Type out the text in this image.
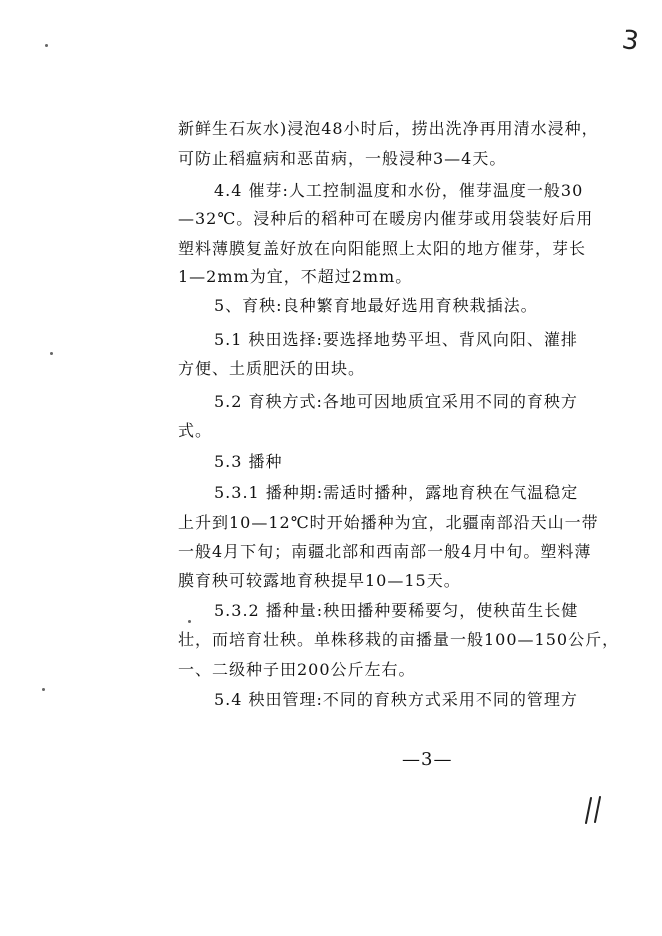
3
新鲜生石灰水)浸泡48小时后，捞出洗净再用清水浸种，
可防止稻瘟病和恶苗病，一般浸种3—4天。
4.4 催芽:人工控制温度和水份，催芽温度一般30
—32℃。浸种后的稻种可在暖房内催芽或用袋装好后用
塑料薄膜复盖好放在向阳能照上太阳的地方催芽，芽长
1—2mm为宜，不超过2mm。
5、育秧:良种繁育地最好选用育秧栽插法。
5.1 秧田选择:要选择地势平坦、背风向阳、灌排
方便、土质肥沃的田块。
5.2 育秧方式:各地可因地质宜采用不同的育秧方
式。
5.3 播种
5.3.1 播种期:需适时播种，露地育秧在气温稳定
上升到10—12℃时开始播种为宜，北疆南部沿天山一带
一般4月下旬；南疆北部和西南部一般4月中旬。塑料薄
膜育秧可较露地育秧提早10—15天。
5.3.2 播种量:秧田播种要稀要匀，使秧苗生长健
壮，而培育壮秧。单株移栽的亩播量一般100—150公斤，
一、二级种子田200公斤左右。
5.4 秧田管理:不同的育秧方式采用不同的管理方
—3—
